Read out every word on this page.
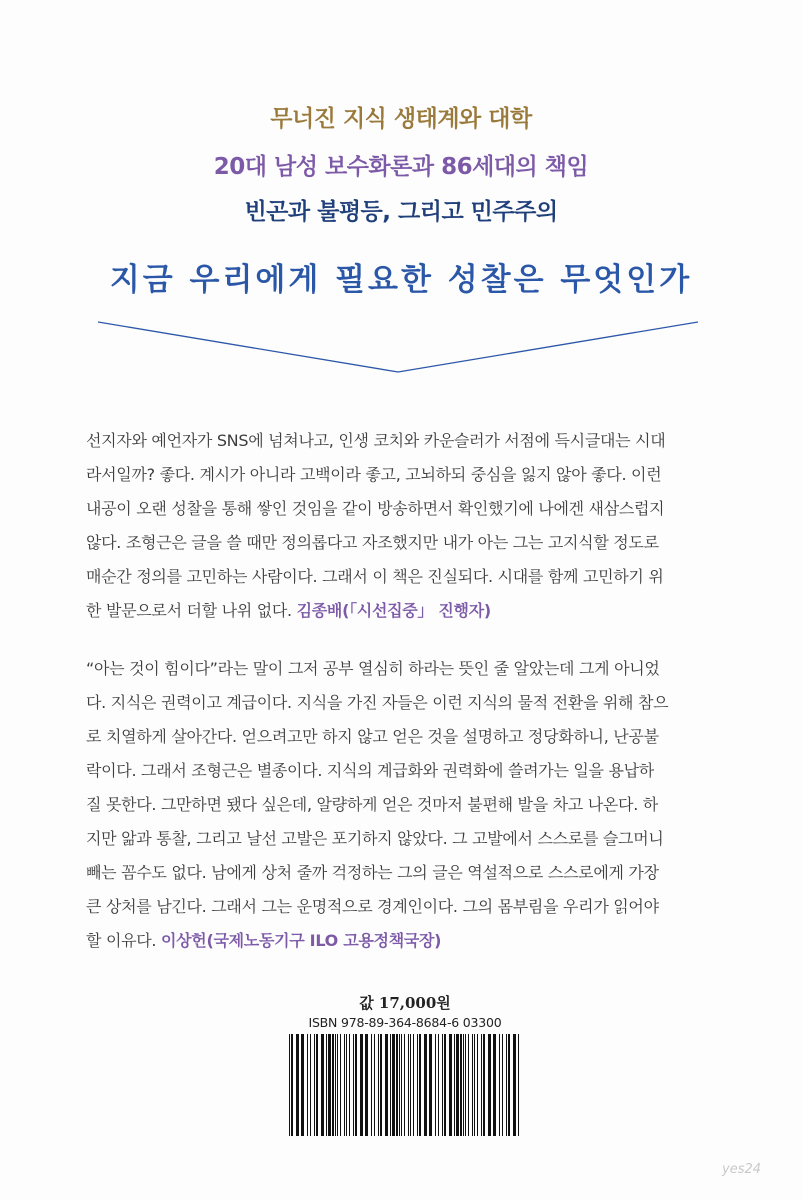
무너진 지식 생태계와 대학
20대 남성 보수화론과 86세대의 책임
빈곤과 불평등, 그리고 민주주의
지금 우리에게 필요한 성찰은 무엇인가
선지자와 예언자가 SNS에 넘쳐나고, 인생 코치와 카운슬러가 서점에 득시글대는 시대
라서일까? 좋다. 계시가 아니라 고백이라 좋고, 고뇌하되 중심을 잃지 않아 좋다. 이런
내공이 오랜 성찰을 통해 쌓인 것임을 같이 방송하면서 확인했기에 나에겐 새삼스럽지
않다. 조형근은 글을 쓸 때만 정의롭다고 자조했지만 내가 아는 그는 고지식할 정도로
매순간 정의를 고민하는 사람이다. 그래서 이 책은 진실되다. 시대를 함께 고민하기 위
한 발문으로서 더할 나위 없다. 김종배(「시선집중」 진행자)
“아는 것이 힘이다”라는 말이 그저 공부 열심히 하라는 뜻인 줄 알았는데 그게 아니었
다. 지식은 권력이고 계급이다. 지식을 가진 자들은 이런 지식의 물적 전환을 위해 참으
로 치열하게 살아간다. 얻으려고만 하지 않고 얻은 것을 설명하고 정당화하니, 난공불
락이다. 그래서 조형근은 별종이다. 지식의 계급화와 권력화에 쓸려가는 일을 용납하
질 못한다. 그만하면 됐다 싶은데, 알량하게 얻은 것마저 불편해 발을 차고 나온다. 하
지만 앎과 통찰, 그리고 날선 고발은 포기하지 않았다. 그 고발에서 스스로를 슬그머니
빼는 꼼수도 없다. 남에게 상처 줄까 걱정하는 그의 글은 역설적으로 스스로에게 가장
큰 상처를 남긴다. 그래서 그는 운명적으로 경계인이다. 그의 몸부림을 우리가 읽어야
할 이유다. 이상헌(국제노동기구 ILO 고용정책국장)
값 17,000원
ISBN 978-89-364-8684-6 03300
yes24
